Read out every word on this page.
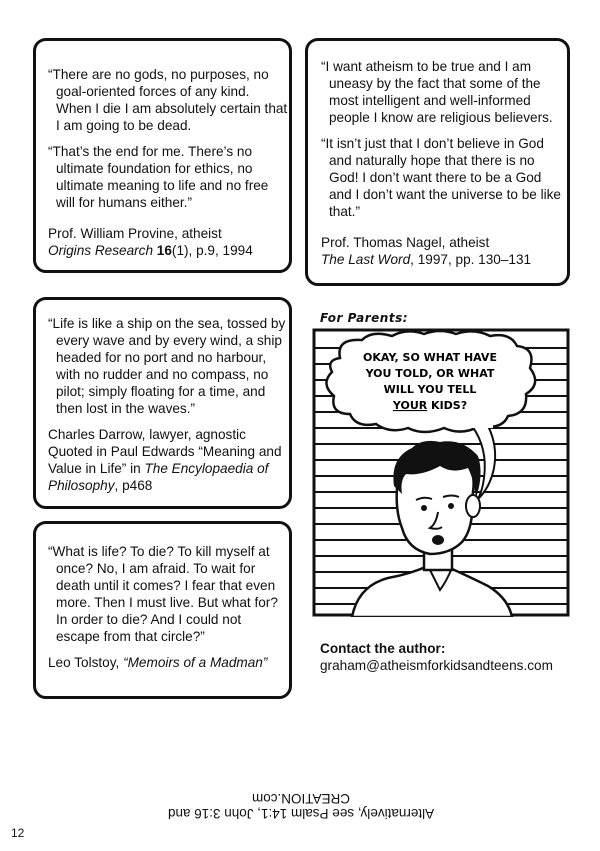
“There are no gods, no purposes, no goal-oriented forces of any kind. When I die I am absolutely certain that I am going to be dead.

“That’s the end for me. There’s no ultimate foundation for ethics, no ultimate meaning to life and no free will for humans either.”

Prof. William Provine, atheist
Origins Research 16(1), p.9, 1994

“I want atheism to be true and I am uneasy by the fact that some of the most intelligent and well-informed people I know are religious believers.

“It isn’t just that I don’t believe in God and naturally hope that there is no God! I don’t want there to be a God and I don’t want the universe to be like that.”

Prof. Thomas Nagel, atheist
The Last Word, 1997, pp. 130–131

“Life is like a ship on the sea, tossed by every wave and by every wind, a ship headed for no port and no harbour, with no rudder and no compass, no pilot; simply floating for a time, and then lost in the waves.”

Charles Darrow, lawyer, agnostic
Quoted in Paul Edwards “Meaning and Value in Life” in The Encylopaedia of Philosophy, p468

“What is life? To die? To kill myself at once? No, I am afraid. To wait for death until it comes? I fear that even more. Then I must live. But what for? In order to die? And I could not escape from that circle?”

Leo Tolstoy, “Memoirs of a Madman”

For Parents:
OKAY, SO WHAT HAVE
YOU TOLD, OR WHAT
WILL YOU TELL
YOUR KIDS?
Contact the author:
graham@atheismforkidsandteens.com
Alternatively, see Psalm 14:1, John 3:16 and CREATION.com
12
